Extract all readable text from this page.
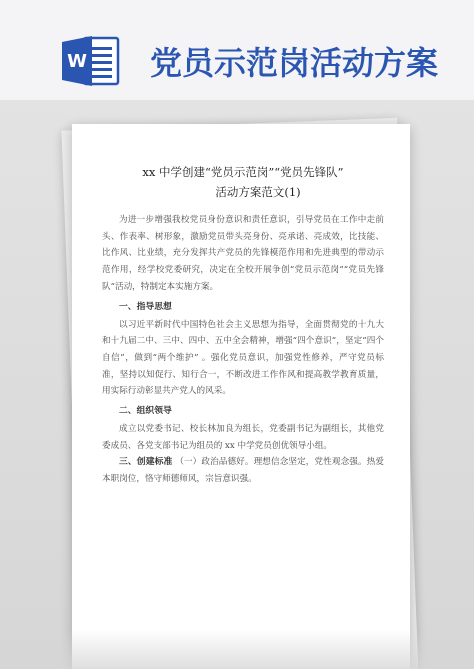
W 党员示范岗活动方案
xx 中学创建“党员示范岗”“党员先锋队”
活动方案范文(1)

为进一步增强我校党员身份意识和责任意识，引导党员在工作中走前头、作表率、树形象，激励党员带头亮身份、亮承诺、亮成效，比技能、比作风、比业绩，充分发挥共产党员的先锋模范作用和先进典型的带动示范作用，经学校党委研究，决定在全校开展争创“党员示范岗”“党员先锋队”活动，特制定本实施方案。

一、指导思想

以习近平新时代中国特色社会主义思想为指导，全面贯彻党的十九大和十九届二中、三中、四中、五中全会精神，增强“四个意识”，坚定“四个自信”，做到“两个维护” 。强化党员意识，加强党性修养，严守党员标准，坚持以知促行、知行合一，不断改进工作作风和提高教学教育质量，用实际行动彰显共产党人的风采。

二、组织领导

成立以党委书记、校长林加良为组长，党委副书记为副组长，其他党委成员、各党支部书记为组员的 xx 中学党员创优领导小组。

三、创建标准 （一）政治品德好。理想信念坚定，党性观念强。热爱本职岗位，恪守师德师风，宗旨意识强。
